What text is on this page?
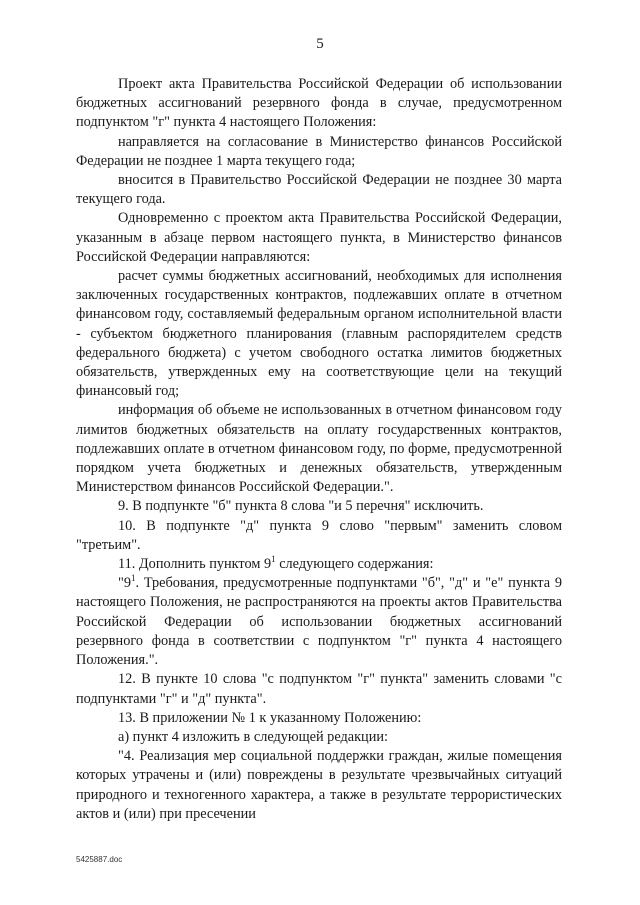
5

Проект акта Правительства Российской Федерации об использовании бюджетных ассигнований резервного фонда в случае, предусмотренном подпунктом "г" пункта 4 настоящего Положения:

направляется на согласование в Министерство финансов Российской Федерации не позднее 1 марта текущего года;

вносится в Правительство Российской Федерации не позднее 30 марта текущего года.

Одновременно с проектом акта Правительства Российской Федерации, указанным в абзаце первом настоящего пункта, в Министерство финансов Российской Федерации направляются:

расчет суммы бюджетных ассигнований, необходимых для исполнения заключенных государственных контрактов, подлежавших оплате в отчетном финансовом году, составляемый федеральным органом исполнительной власти - субъектом бюджетного планирования (главным распорядителем средств федерального бюджета) с учетом свободного остатка лимитов бюджетных обязательств, утвержденных ему на соответствующие цели на текущий финансовый год;

информация об объеме не использованных в отчетном финансовом году лимитов бюджетных обязательств на оплату государственных контрактов, подлежавших оплате в отчетном финансовом году, по форме, предусмотренной порядком учета бюджетных и денежных обязательств, утвержденным Министерством финансов Российской Федерации.".

9. В подпункте "б" пункта 8 слова "и 5 перечня" исключить.

10. В подпункте "д" пункта 9 слово "первым" заменить словом "третьим".

11. Дополнить пунктом $9^1$ следующего содержания:

"$9^1$. Требования, предусмотренные подпунктами "б", "д" и "е" пункта 9 настоящего Положения, не распространяются на проекты актов Правительства Российской Федерации об использовании бюджетных ассигнований резервного фонда в соответствии с подпунктом "г" пункта 4 настоящего Положения.".

12. В пункте 10 слова "с подпунктом "г" пункта" заменить словами "с подпунктами "г" и "д" пункта".

13. В приложении № 1 к указанному Положению:

а) пункт 4 изложить в следующей редакции:

"4. Реализация мер социальной поддержки граждан, жилые помещения которых утрачены и (или) повреждены в результате чрезвычайных ситуаций природного и техногенного характера, а также в результате террористических актов и (или) при пресечении

5425887.doc
